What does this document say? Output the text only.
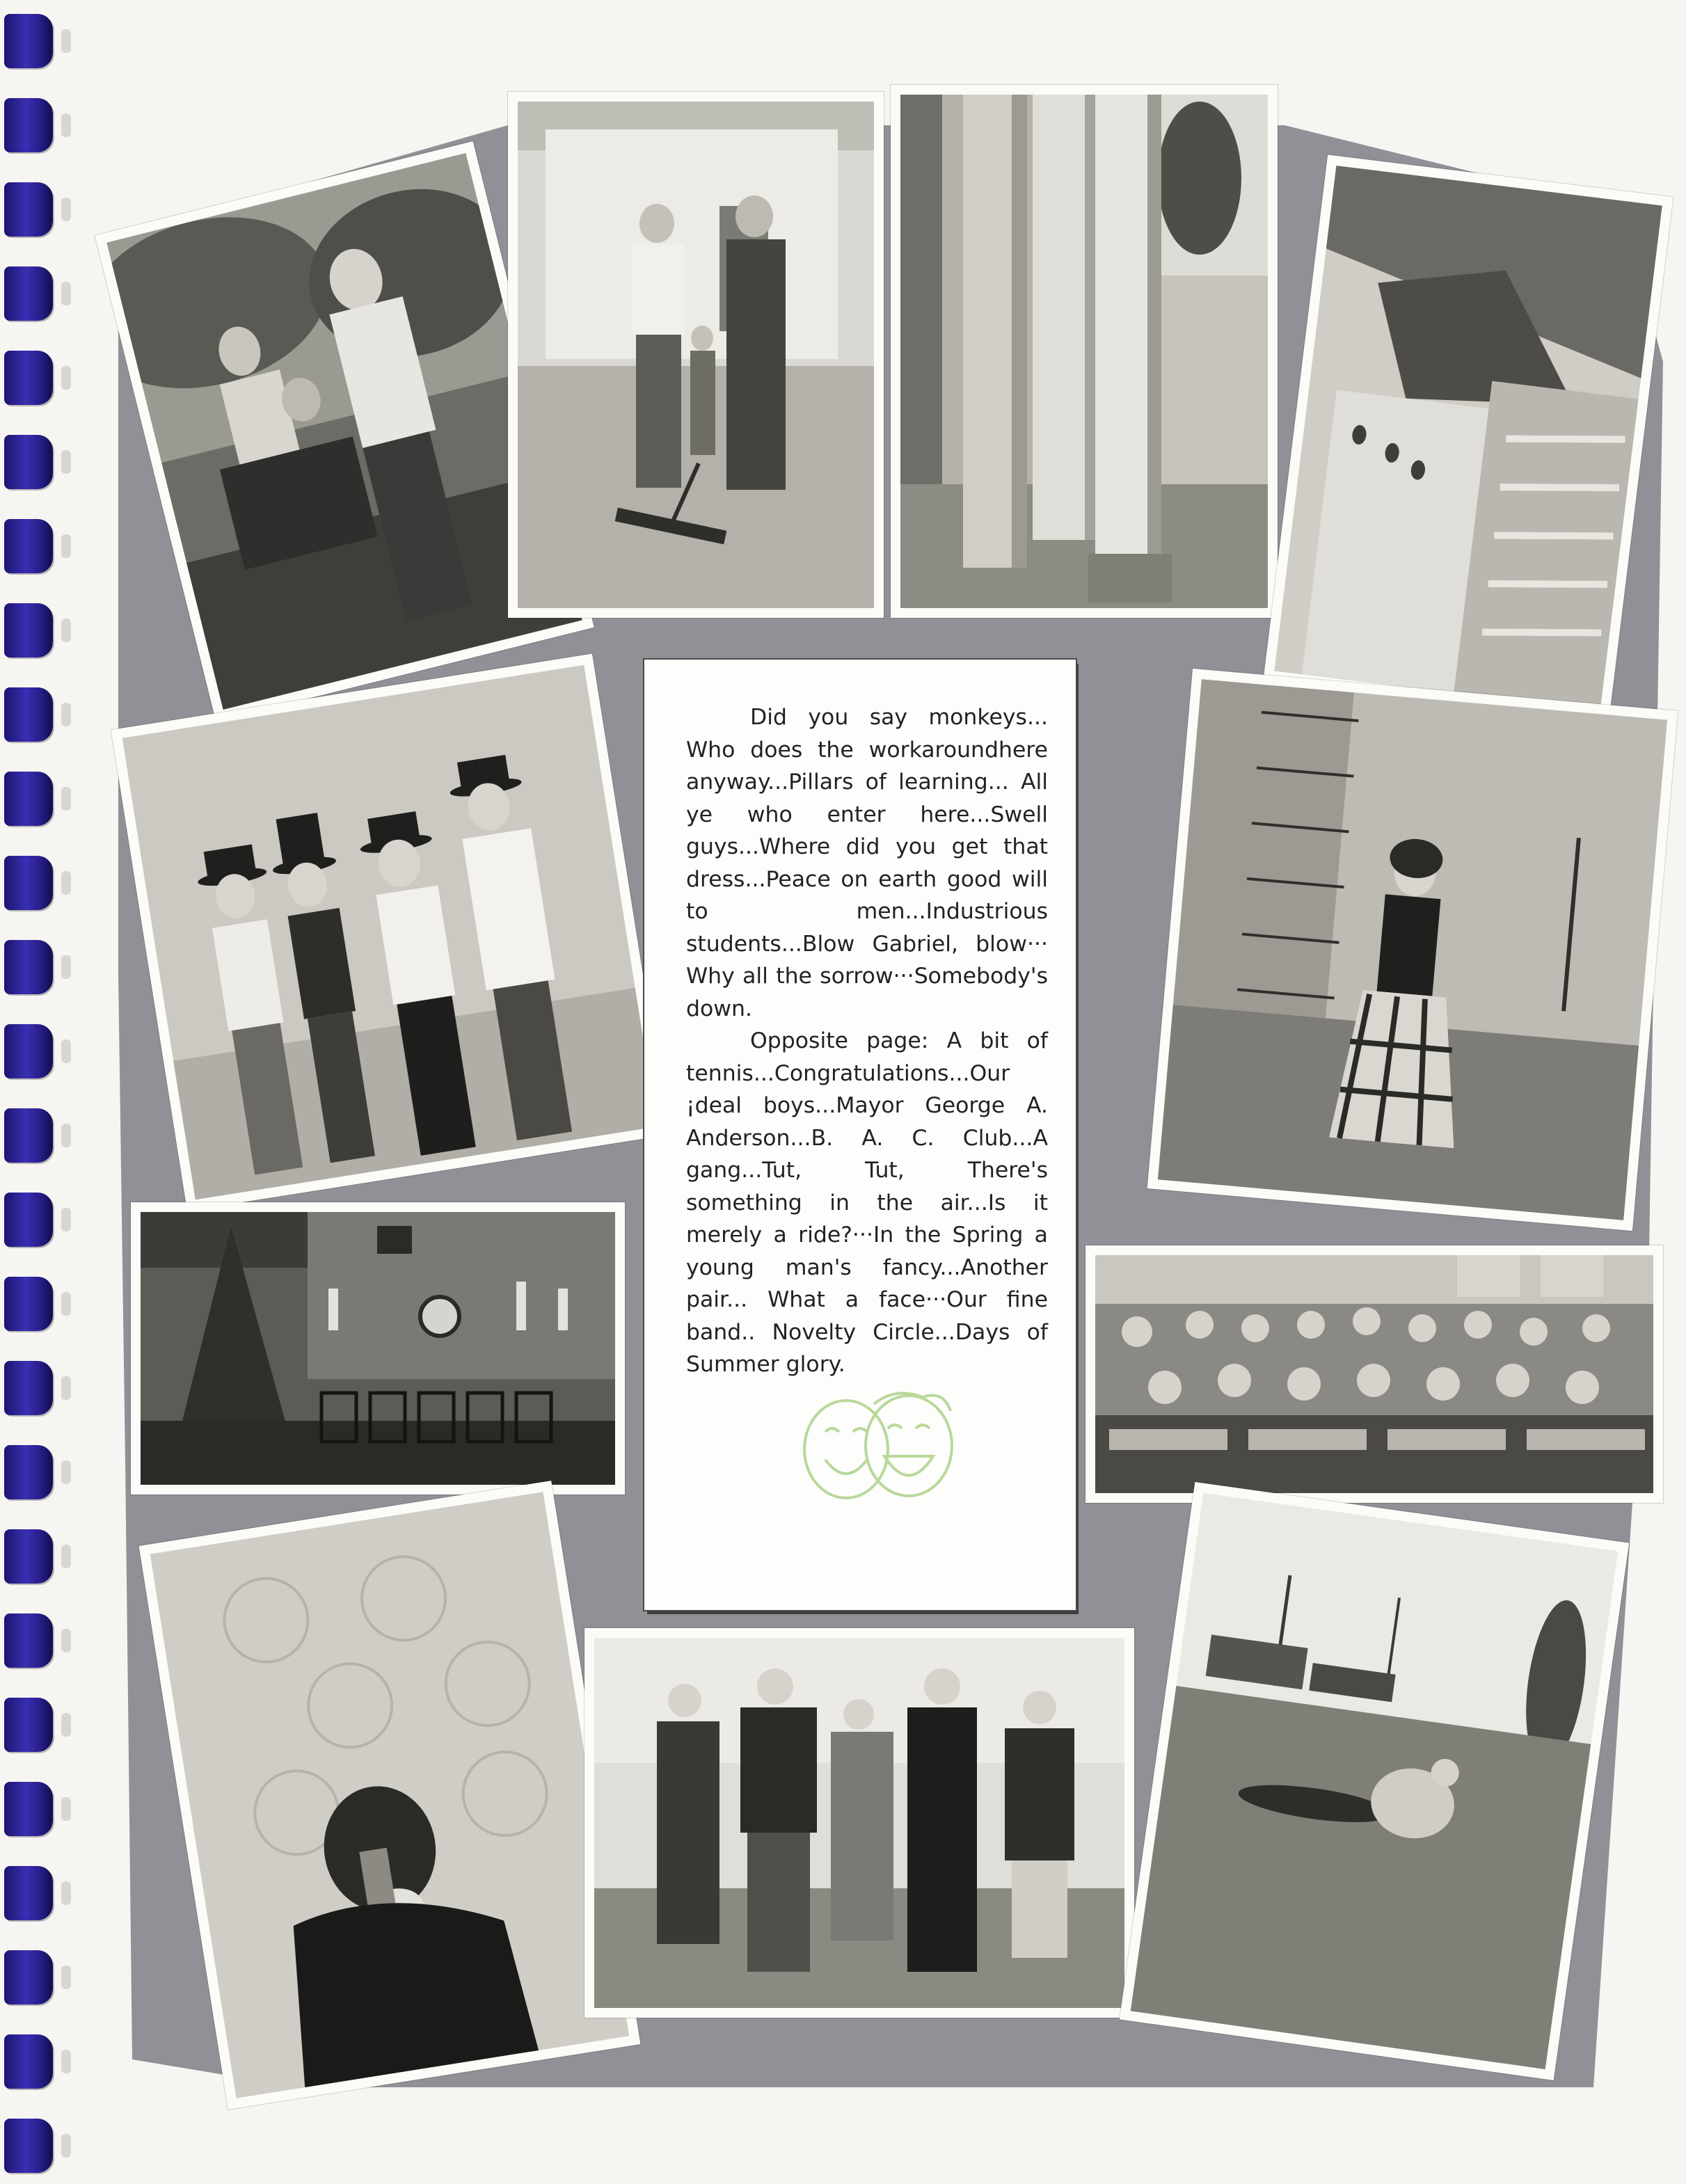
Did you say monkeys... Who does the workaroundhere anyway...Pillars of learning... All ye who enter here...Swell guys...Where did you get that dress...Peace on earth good will to men...Industrious students...Blow Gabriel, blow··· Why all the sorrow···Somebody's down.

Opposite page: A bit of tennis...Congratulations...Our ¡deal boys...Mayor George A. Anderson...B. A. C. Club...A gang...Tut, Tut, There's something in the air...Is it merely a ride?···In the Spring a young man's fancy...Another pair... What a face···Our fine band.. Novelty Circle...Days of Summer glory.
